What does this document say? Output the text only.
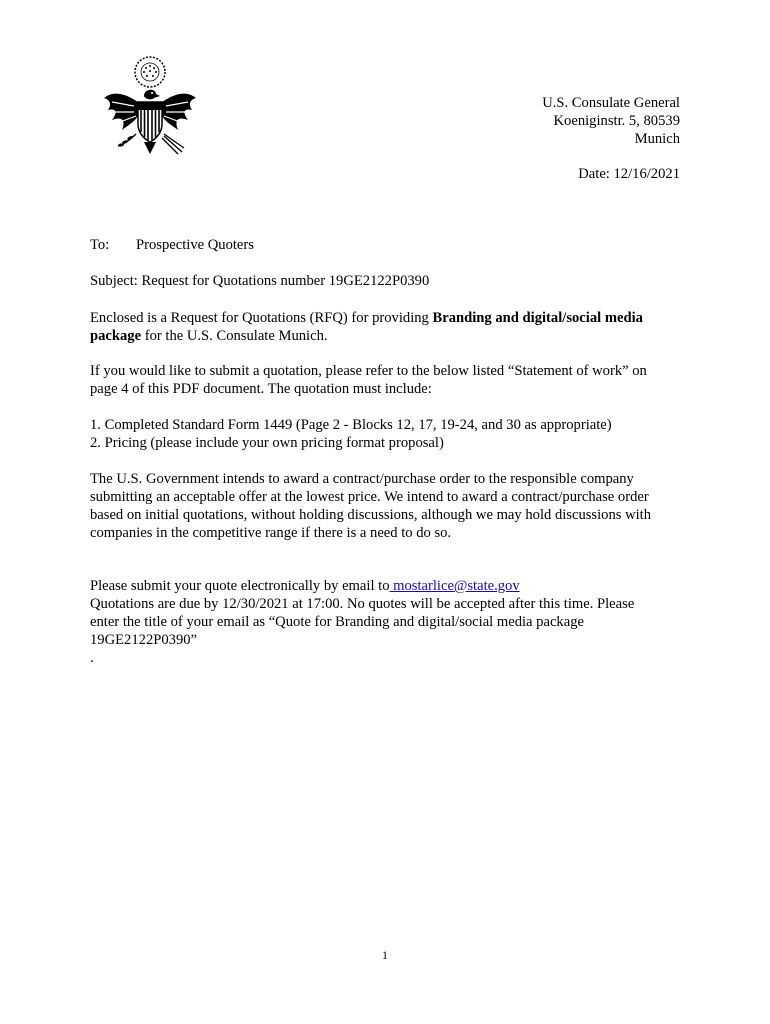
U.S. Consulate General
Koeniginstr. 5, 80539
Munich
Date: 12/16/2021
To: Prospective Quoters
Subject: Request for Quotations number 19GE2122P0390
Enclosed is a Request for Quotations (RFQ) for providing Branding and digital/social media package for the U.S. Consulate Munich.
If you would like to submit a quotation, please refer to the below listed “Statement of work” on
page 4 of this PDF document. The quotation must include:
1. Completed Standard Form 1449 (Page 2 - Blocks 12, 17, 19-24, and 30 as appropriate)
2. Pricing (please include your own pricing format proposal)
The U.S. Government intends to award a contract/purchase order to the responsible company
submitting an acceptable offer at the lowest price. We intend to award a contract/purchase order
based on initial quotations, without holding discussions, although we may hold discussions with
companies in the competitive range if there is a need to do so.
Please submit your quote electronically by email to mostarlice@state.gov
Quotations are due by 12/30/2021 at 17:00. No quotes will be accepted after this time. Please
enter the title of your email as “Quote for Branding and digital/social media package
19GE2122P0390”
.
1
